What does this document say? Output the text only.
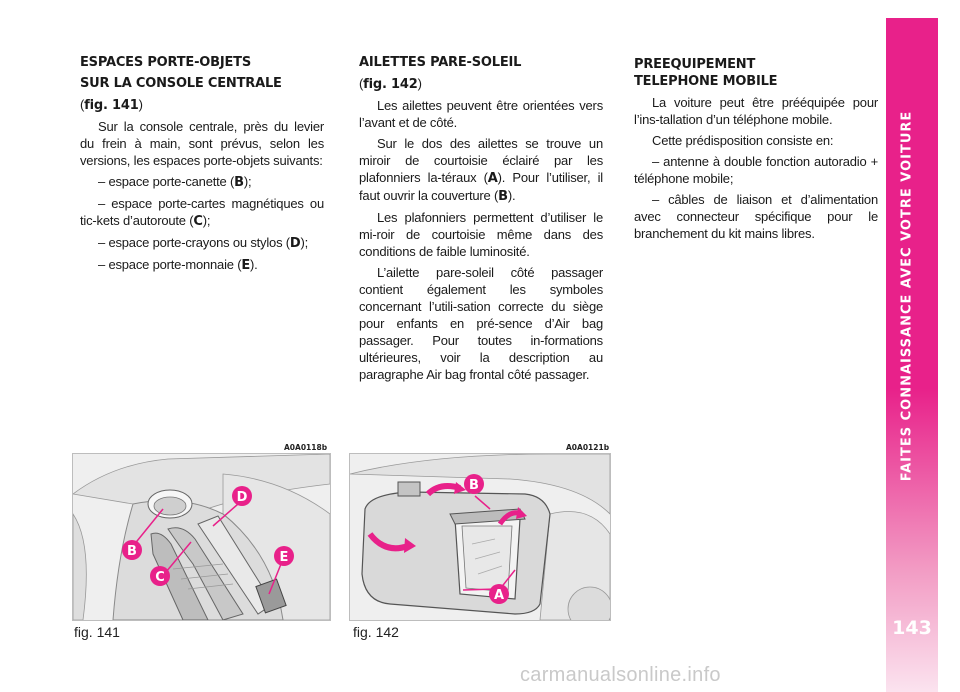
ESPACES PORTE-OBJETS

SUR LA CONSOLE CENTRALE

(fig. 141)

Sur la console centrale, près du levier du frein à main, sont prévus, selon les versions, les espaces porte-objets suivants:

– espace porte-canette (B);

– espace porte-cartes magnétiques ou tic-kets d’autoroute (C);

– espace porte-crayons ou stylos (D);

– espace porte-monnaie (E).

AILETTES PARE-SOLEIL

(fig. 142)

Les ailettes peuvent être orientées vers l’avant et de côté.

Sur le dos des ailettes se trouve un miroir de courtoisie éclairé par les plafonniers la-téraux (A). Pour l’utiliser, il faut ouvrir la couverture (B).

Les plafonniers permettent d’utiliser le mi-roir de courtoisie même dans des conditions de faible luminosité.

L’ailette pare-soleil côté passager contient également les symboles concernant l’utili-sation correcte du siège pour enfants en pré-sence d’Air bag passager. Pour toutes in-formations ultérieures, voir la description au paragraphe Air bag frontal côté passager.

PREEQUIPEMENT
TELEPHONE MOBILE

La voiture peut être prééquipée pour l’ins-tallation d’un téléphone mobile.

Cette prédisposition consiste en:

– antenne à double fonction autoradio + téléphone mobile;

– câbles de liaison et d’alimentation avec connecteur spécifique pour le branchement du kit mains libres.

A0A0118b
B
C
D
E
fig. 141
A0A0121b
A
B
fig. 142
FAITES CONNAISSANCE AVEC VOTRE VOITURE
143
carmanualsonline.info
